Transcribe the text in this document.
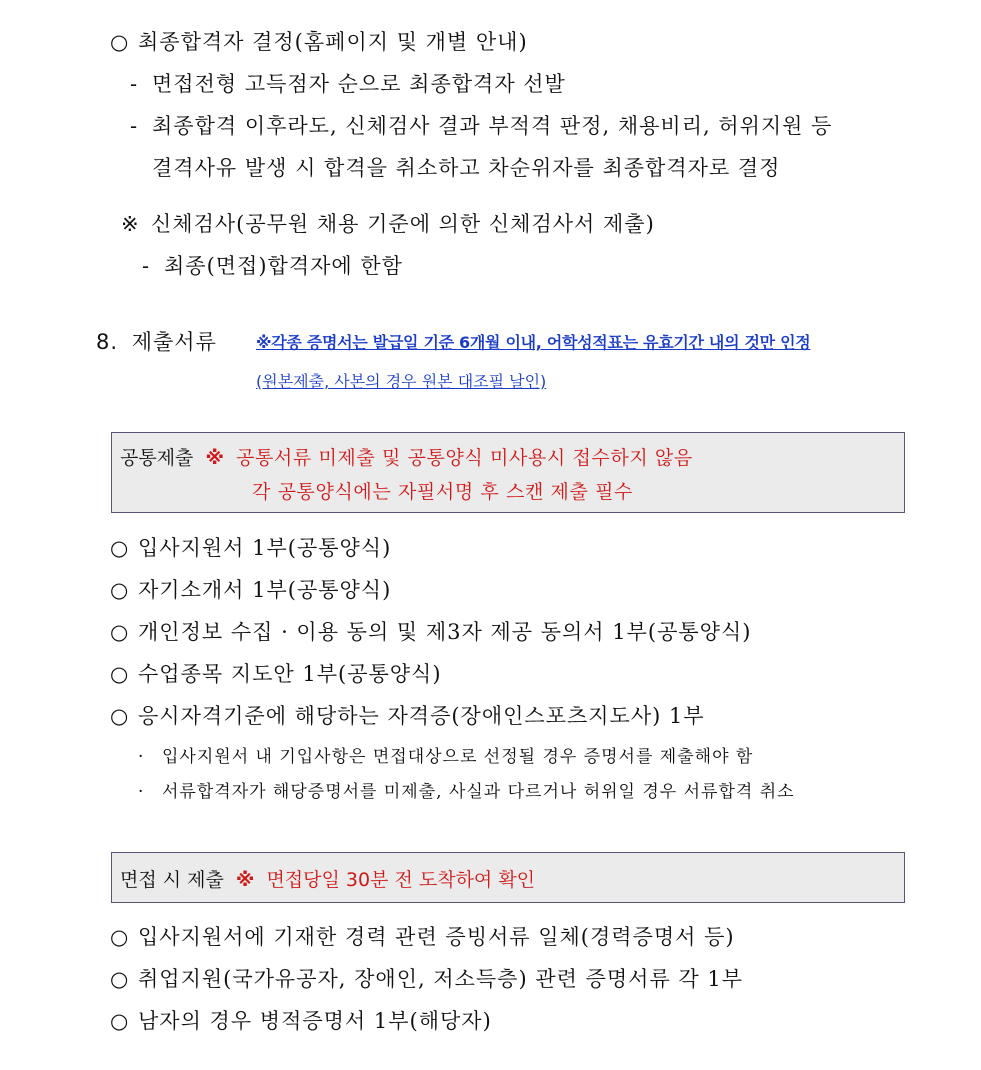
○ 최종합격자 결정(홈페이지 및 개별 안내)
- 면접전형 고득점자 순으로 최종합격자 선발
- 최종합격 이후라도, 신체검사 결과 부적격 판정, 채용비리, 허위지원 등
결격사유 발생 시 합격을 취소하고 차순위자를 최종합격자로 결정
※ 신체검사(공무원 채용 기준에 의한 신체검사서 제출)
- 최종(면접)합격자에 한함
8. 제출서류 ※각종 증명서는 발급일 기준 6개월 이내, 어학성적표는 유효기간 내의 것만 인정
(원본제출, 사본의 경우 원본 대조필 날인)
공통제출 ※ 공통서류 미제출 및 공통양식 미사용시 접수하지 않음
각 공통양식에는 자필서명 후 스캔 제출 필수
○ 입사지원서 1부(공통양식)
○ 자기소개서 1부(공통양식)
○ 개인정보 수집 · 이용 동의 및 제3자 제공 동의서 1부(공통양식)
○ 수업종목 지도안 1부(공통양식)
○ 응시자격기준에 해당하는 자격증(장애인스포츠지도사) 1부
· 입사지원서 내 기입사항은 면접대상으로 선정될 경우 증명서를 제출해야 함
· 서류합격자가 해당증명서를 미제출, 사실과 다르거나 허위일 경우 서류합격 취소
면접 시 제출 ※ 면접당일 30분 전 도착하여 확인
○ 입사지원서에 기재한 경력 관련 증빙서류 일체(경력증명서 등)
○ 취업지원(국가유공자, 장애인, 저소득층) 관련 증명서류 각 1부
○ 남자의 경우 병적증명서 1부(해당자)
